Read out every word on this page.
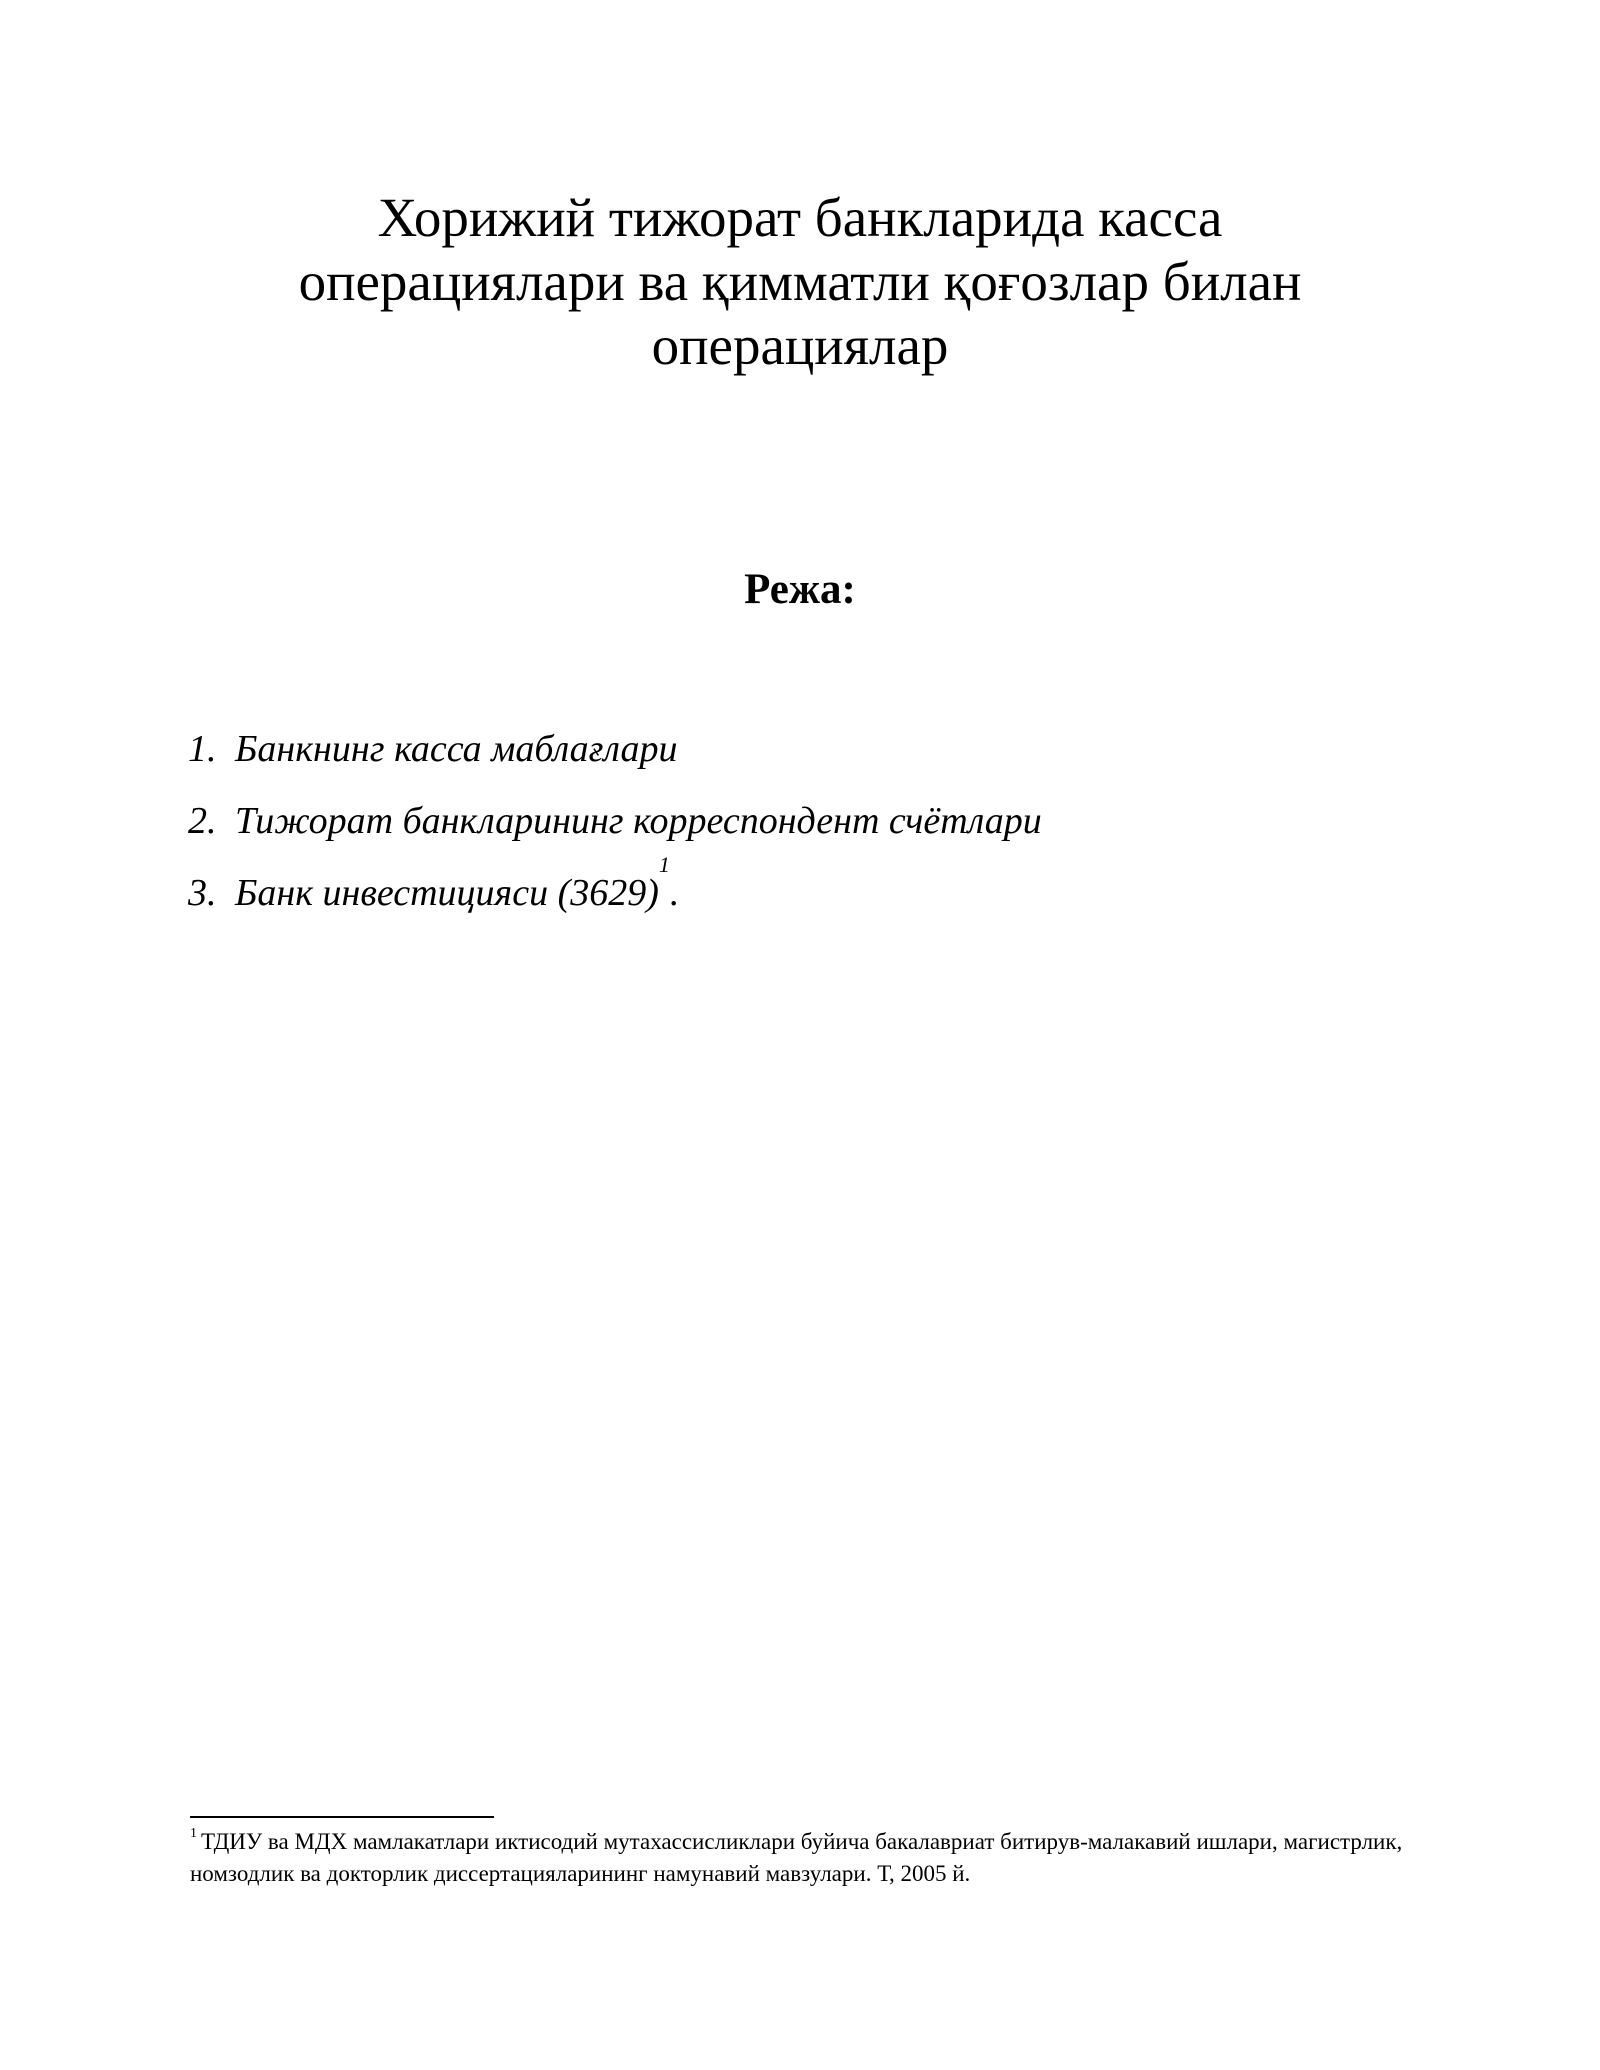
Хорижий тижорат банкларида касса
операциялари ва қимматли қоғозлар билан
операциялар
Режа:
1. Банкнинг касса маблағлари
2. Тижорат банкларининг корреспондент счётлари
3. Банк инвестицияси (3629)
$^1$
.

$^1$ ТДИУ ва МДХ мамлакатлари иктисодий мутахассисликлари буйича бакалавриат битирув-малакавий ишлари, магистрлик, номзодлик ва докторлик диссертацияларининг намунавий мавзулари. Т, 2005 й.
